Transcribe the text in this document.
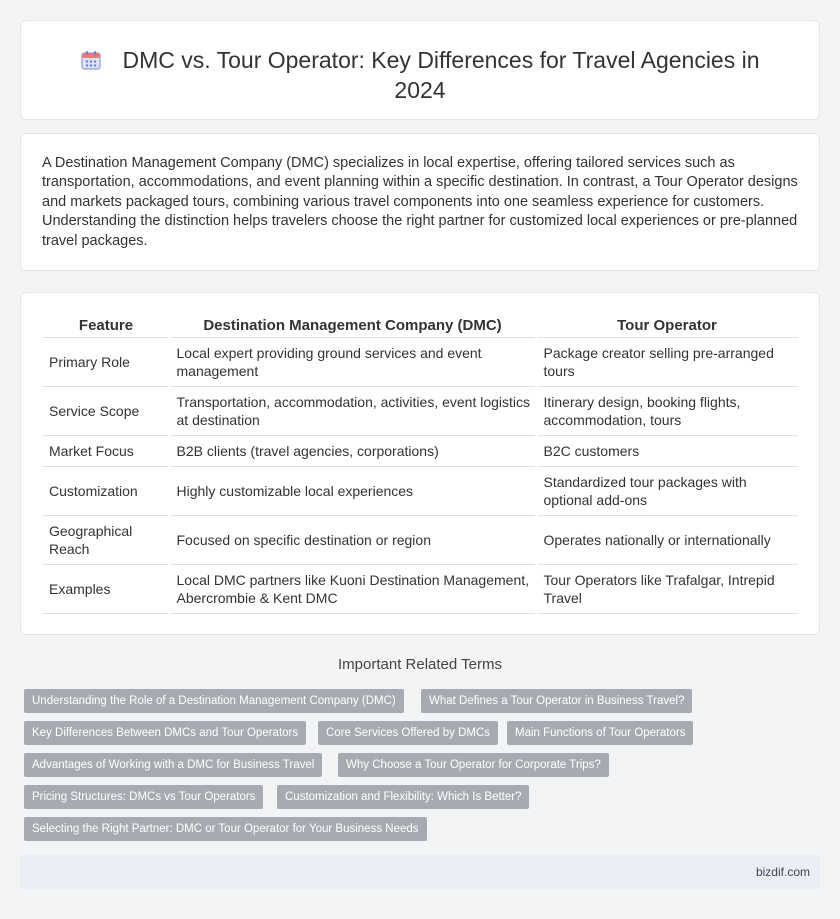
DMC vs. Tour Operator: Key Differences for Travel Agencies in 2024

A Destination Management Company (DMC) specializes in local expertise, offering tailored services such as transportation, accommodations, and event planning within a specific destination. In contrast, a Tour Operator designs and markets packaged tours, combining various travel components into one seamless experience for customers. Understanding the distinction helps travelers choose the right partner for customized local experiences or pre-planned travel packages.

Feature	Destination Management Company (DMC)	Tour Operator
Primary Role	Local expert providing ground services and event management	Package creator selling pre-arranged tours
Service Scope	Transportation, accommodation, activities, event logistics at destination	Itinerary design, booking flights, accommodation, tours
Market Focus	B2B clients (travel agencies, corporations)	B2C customers
Customization	Highly customizable local experiences	Standardized tour packages with optional add-ons
Geographical Reach	Focused on specific destination or region	Operates nationally or internationally
Examples	Local DMC partners like Kuoni Destination Management, Abercrombie & Kent DMC	Tour Operators like Trafalgar, Intrepid Travel
Important Related Terms
Understanding the Role of a Destination Management Company (DMC)	What Defines a Tour Operator in Business Travel?
Key Differences Between DMCs and Tour Operators	Core Services Offered by DMCs	Main Functions of Tour Operators
Advantages of Working with a DMC for Business Travel	Why Choose a Tour Operator for Corporate Trips?
Pricing Structures: DMCs vs Tour Operators	Customization and Flexibility: Which Is Better?
Selecting the Right Partner: DMC or Tour Operator for Your Business Needs
bizdif.com
